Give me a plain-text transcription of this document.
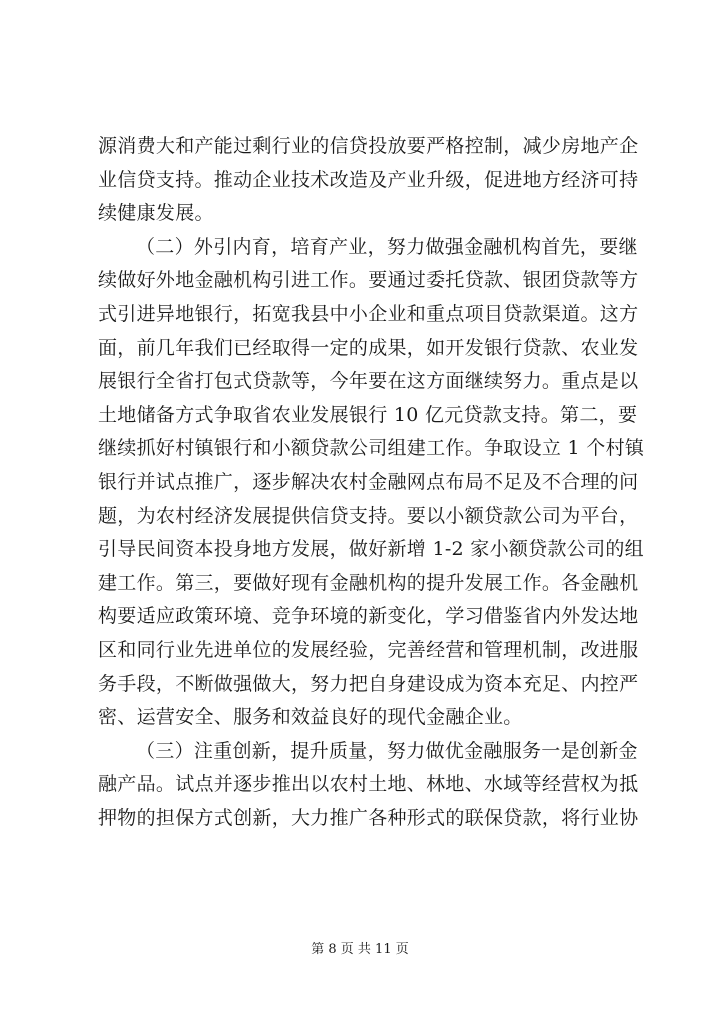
源消费大和产能过剩行业的信贷投放要严格控制，减少房地产企
业信贷支持。推动企业技术改造及产业升级，促进地方经济可持
续健康发展。
（二）外引内育，培育产业，努力做强金融机构首先，要继
续做好外地金融机构引进工作。要通过委托贷款、银团贷款等方
式引进异地银行，拓宽我县中小企业和重点项目贷款渠道。这方
面，前几年我们已经取得一定的成果，如开发银行贷款、农业发
展银行全省打包式贷款等，今年要在这方面继续努力。重点是以
土地储备方式争取省农业发展银行 10 亿元贷款支持。第二，要
继续抓好村镇银行和小额贷款公司组建工作。争取设立 1 个村镇
银行并试点推广，逐步解决农村金融网点布局不足及不合理的问
题，为农村经济发展提供信贷支持。要以小额贷款公司为平台，
引导民间资本投身地方发展，做好新增 1-2 家小额贷款公司的组
建工作。第三，要做好现有金融机构的提升发展工作。各金融机
构要适应政策环境、竞争环境的新变化，学习借鉴省内外发达地
区和同行业先进单位的发展经验，完善经营和管理机制，改进服
务手段，不断做强做大，努力把自身建设成为资本充足、内控严
密、运营安全、服务和效益良好的现代金融企业。
（三）注重创新，提升质量，努力做优金融服务一是创新金
融产品。试点并逐步推出以农村土地、林地、水域等经营权为抵
押物的担保方式创新，大力推广各种形式的联保贷款，将行业协
第 8 页 共 11 页
